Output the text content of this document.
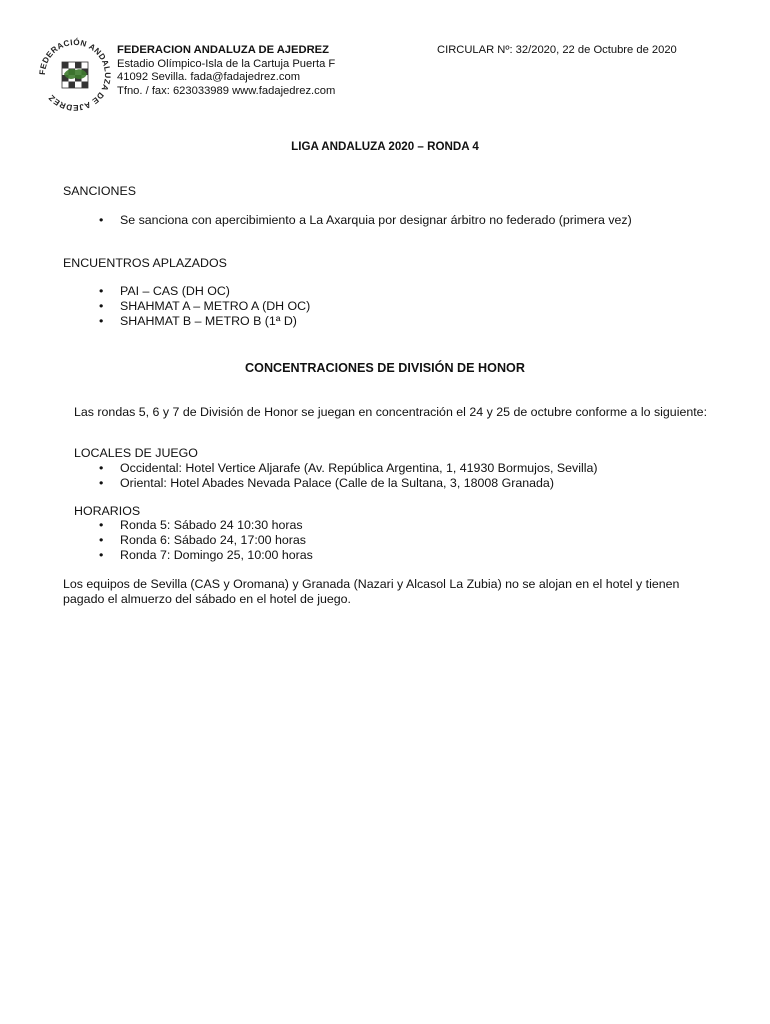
FEDERACIÓN ANDALUZA DE AJEDREZ
FEDERACION ANDALUZA DE AJEDREZ
Estadio Olímpico-Isla de la Cartuja Puerta F
41092 Sevilla. fada@fadajedrez.com
Tfno. / fax: 623033989 www.fadajedrez.com
CIRCULAR Nº: 32/2020, 22 de Octubre de 2020
LIGA ANDALUZA 2020 – RONDA 4
SANCIONES
• Se sanciona con apercibimiento a La Axarquia por designar árbitro no federado (primera vez)
ENCUENTROS APLAZADOS
• PAI – CAS (DH OC)
• SHAHMAT A – METRO A (DH OC)
• SHAHMAT B – METRO B (1ª D)
CONCENTRACIONES DE DIVISIÓN DE HONOR
Las rondas 5, 6 y 7 de División de Honor se juegan en concentración el 24 y 25 de octubre conforme a lo siguiente:
LOCALES DE JUEGO
• Occidental: Hotel Vertice Aljarafe (Av. República Argentina, 1, 41930 Bormujos, Sevilla)
• Oriental: Hotel Abades Nevada Palace (Calle de la Sultana, 3, 18008 Granada)
HORARIOS
• Ronda 5: Sábado 24 10:30 horas
• Ronda 6: Sábado 24, 17:00 horas
• Ronda 7: Domingo 25, 10:00 horas
Los equipos de Sevilla (CAS y Oromana) y Granada (Nazari y Alcasol La Zubia) no se alojan en el hotel y tienen pagado el almuerzo del sábado en el hotel de juego.
